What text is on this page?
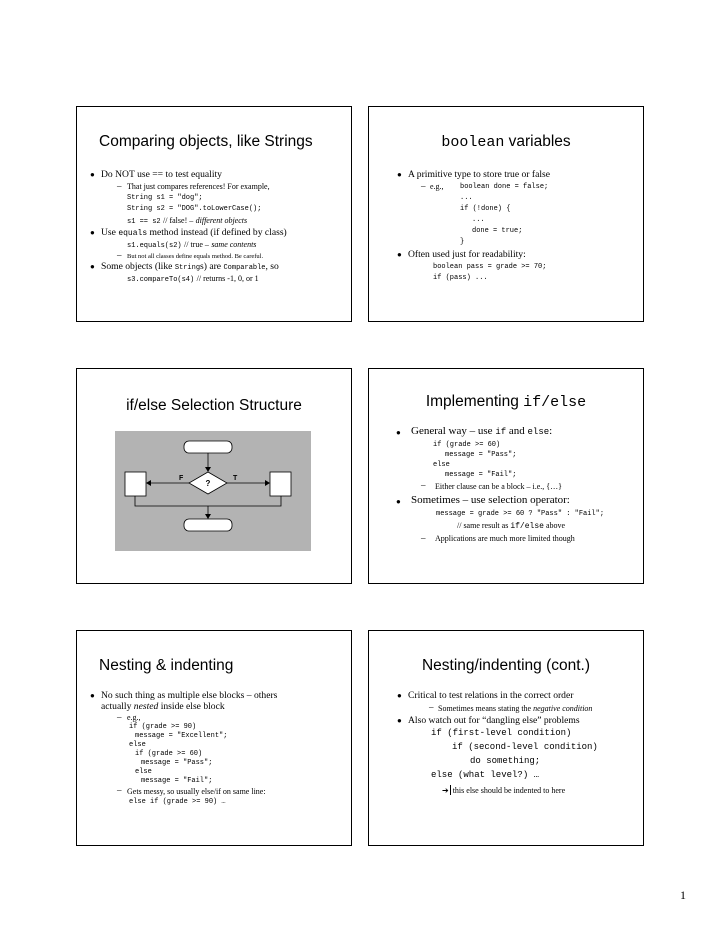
Comparing objects, like Strings
● Do NOT use == to test equality
– That just compares references! For example,
String s1 = "dog";
String s2 = "DOG".toLowerCase();
s1 == s2 // false! – different objects
● Use equals method instead (if defined by class)
s1.equals(s2) // true – same contents
– But not all classes define equals method. Be careful.
● Some objects (like Strings) are Comparable, so
s3.compareTo(s4) // returns -1, 0, or 1
boolean variables
● A primitive type to store true or false
– e.g., boolean done = false;
...
if (!done) {
...
done = true;
}
● Often used just for readability:
boolean pass = grade >= 70;
if (pass) ...
if/else Selection Structure
?
F	T
Implementing if/else
● General way – use if and else:
if (grade >= 60)
message = "Pass";
else
message = "Fail";
– Either clause can be a block – i.e., {…}
● Sometimes – use selection operator:
message = grade >= 60 ? "Pass" : "Fail";
// same result as if/else above
– Applications are much more limited though
Nesting & indenting
● No such thing as multiple else blocks – others
actually nested inside else block
– e.g.,
if (grade >= 90)
message = "Excellent";
else
if (grade >= 60)
message = "Pass";
else
message = "Fail";
– Gets messy, so usually else/if on same line:
else if (grade >= 90) …
Nesting/indenting (cont.)
● Critical to test relations in the correct order
– Sometimes means stating the negative condition
● Also watch out for “dangling else” problems
if (first-level condition)
if (second-level condition)
do something;
else (what level?) …
➔ this else should be indented to here
1
